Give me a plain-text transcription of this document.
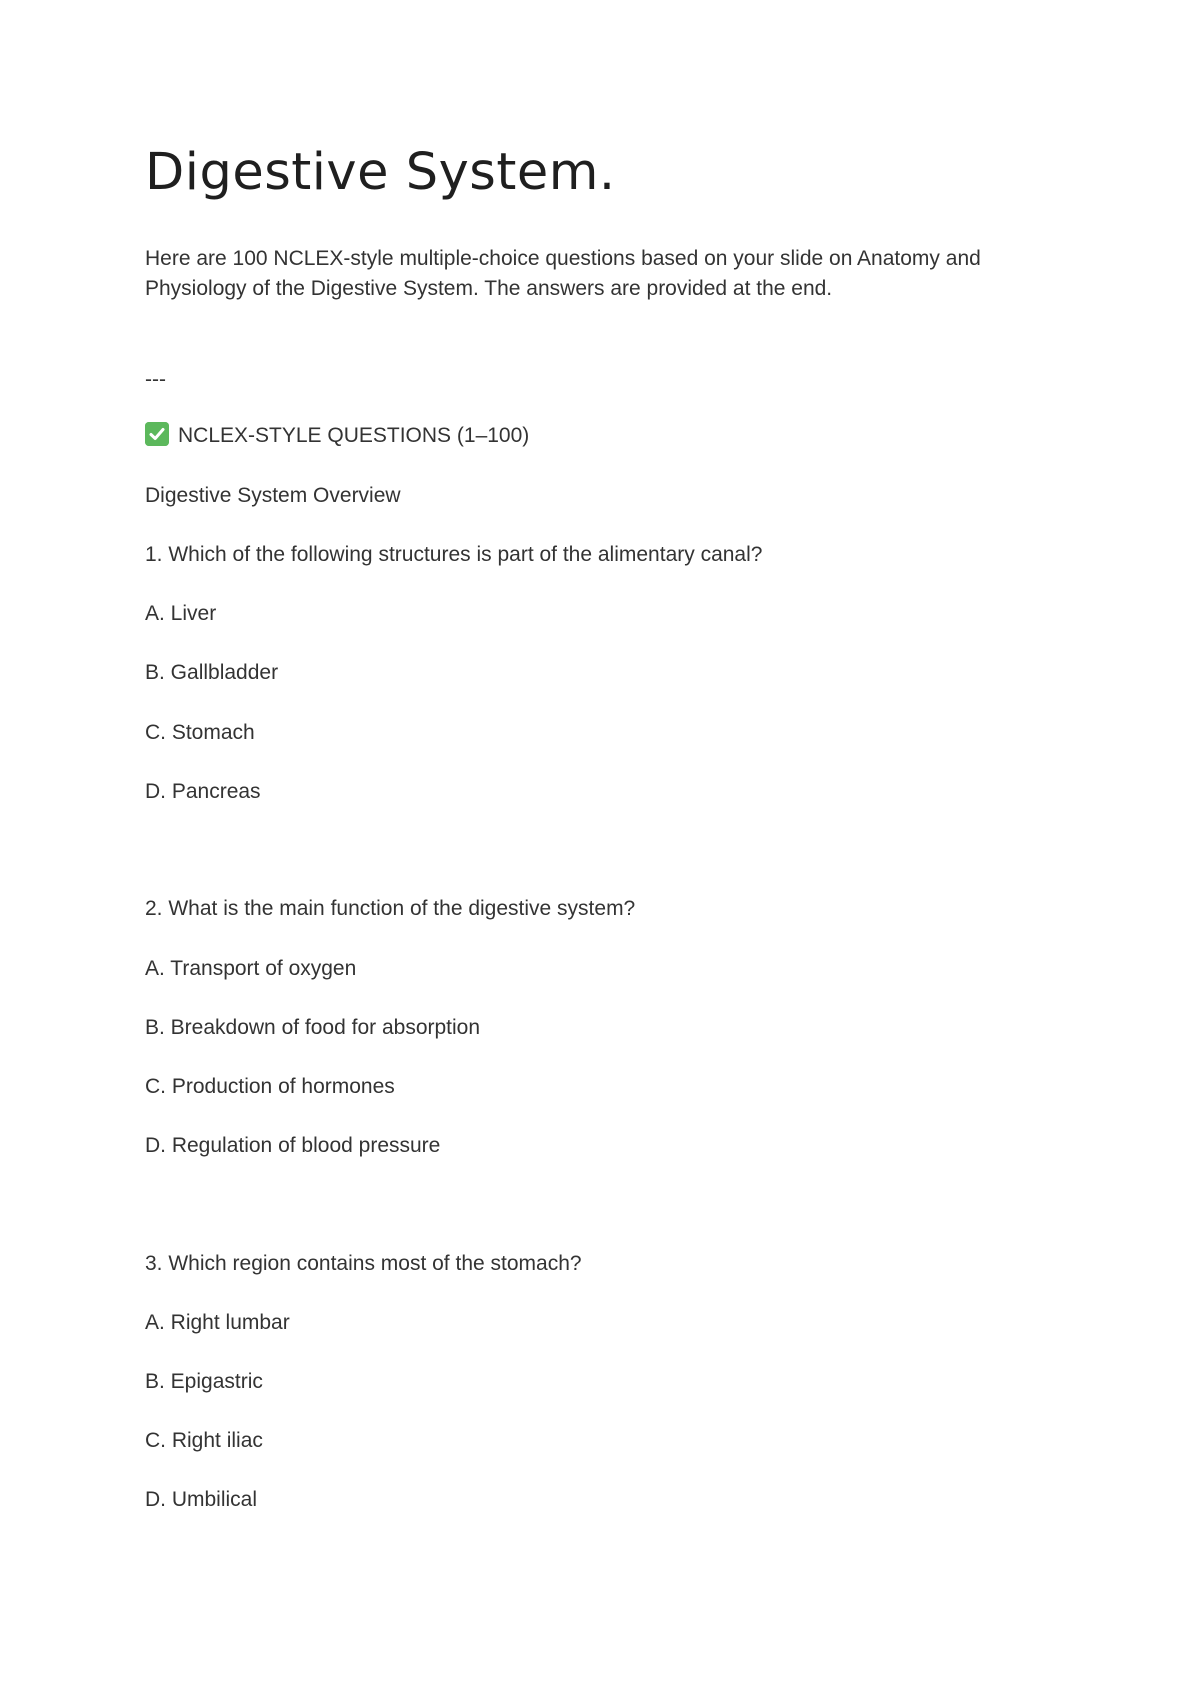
Digestive System.

Here are 100 NCLEX-style multiple-choice questions based on your slide on Anatomy and Physiology of the Digestive System. The answers are provided at the end.

---

NCLEX-STYLE QUESTIONS (1–100)

Digestive System Overview

1. Which of the following structures is part of the alimentary canal?

A. Liver

B. Gallbladder

C. Stomach

D. Pancreas

2. What is the main function of the digestive system?

A. Transport of oxygen

B. Breakdown of food for absorption

C. Production of hormones

D. Regulation of blood pressure

3. Which region contains most of the stomach?

A. Right lumbar

B. Epigastric

C. Right iliac

D. Umbilical
